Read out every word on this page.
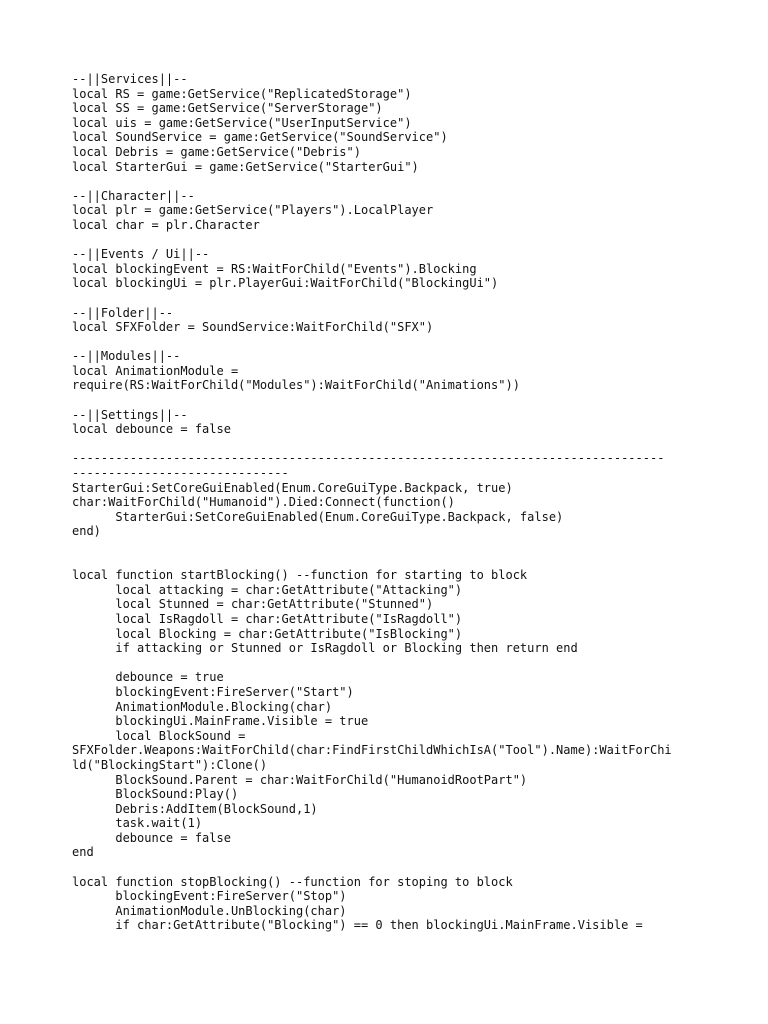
--||Services||--
local RS = game:GetService("ReplicatedStorage")
local SS = game:GetService("ServerStorage")
local uis = game:GetService("UserInputService")
local SoundService = game:GetService("SoundService")
local Debris = game:GetService("Debris")
local StarterGui = game:GetService("StarterGui")
--||Character||--
local plr = game:GetService("Players").LocalPlayer
local char = plr.Character
--||Events / Ui||--
local blockingEvent = RS:WaitForChild("Events").Blocking
local blockingUi = plr.PlayerGui:WaitForChild("BlockingUi")
--||Folder||--
local SFXFolder = SoundService:WaitForChild("SFX")
--||Modules||--
local AnimationModule =
require(RS:WaitForChild("Modules"):WaitForChild("Animations"))
--||Settings||--
local debounce = false
----------------------------------------------------------------------------------
------------------------------
StarterGui:SetCoreGuiEnabled(Enum.CoreGuiType.Backpack, true)
char:WaitForChild("Humanoid").Died:Connect(function()
StarterGui:SetCoreGuiEnabled(Enum.CoreGuiType.Backpack, false)
end)
local function startBlocking() --function for starting to block
local attacking = char:GetAttribute("Attacking")
local Stunned = char:GetAttribute("Stunned")
local IsRagdoll = char:GetAttribute("IsRagdoll")
local Blocking = char:GetAttribute("IsBlocking")
if attacking or Stunned or IsRagdoll or Blocking then return end
debounce = true
blockingEvent:FireServer("Start")
AnimationModule.Blocking(char)
blockingUi.MainFrame.Visible = true
local BlockSound =
SFXFolder.Weapons:WaitForChild(char:FindFirstChildWhichIsA("Tool").Name):WaitForChi
ld("BlockingStart"):Clone()
BlockSound.Parent = char:WaitForChild("HumanoidRootPart")
BlockSound:Play()
Debris:AddItem(BlockSound,1)
task.wait(1)
debounce = false
end
local function stopBlocking() --function for stoping to block
blockingEvent:FireServer("Stop")
AnimationModule.UnBlocking(char)
if char:GetAttribute("Blocking") == 0 then blockingUi.MainFrame.Visible =
